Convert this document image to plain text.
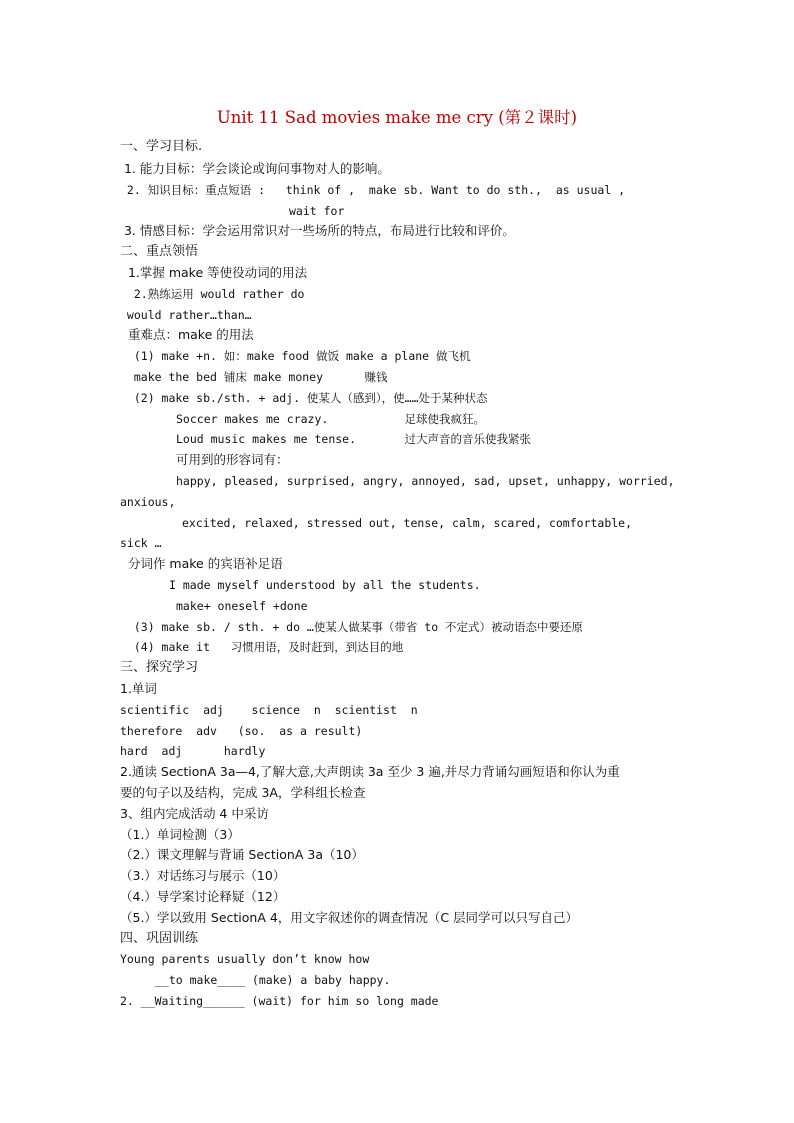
Unit 11 Sad movies make me cry (第２课时)
一、学习目标.
1. 能力目标：学会谈论或询问事物对人的影响。
2. 知识目标：重点短语 :   think of ,  make sb. Want to do sth.,  as usual ,
wait for
3. 情感目标：学会运用常识对一些场所的特点，布局进行比较和评价。
二、重点领悟
1.掌握 make 等使役动词的用法
2.熟练运用 would rather do
would rather…than…
重难点：make 的用法
(1) make +n. 如：make food 做饭 make a plane 做飞机
make the bed 铺床 make money      赚钱
(2) make sb./sth. + adj. 使某人（感到），使……处于某种状态
Soccer makes me crazy.           足球使我疯狂。
Loud music makes me tense.       过大声音的音乐使我紧张
可用到的形容词有：
happy, pleased, surprised, angry, annoyed, sad, upset, unhappy, worried,
anxious,
excited, relaxed, stressed out, tense, calm, scared, comfortable,
sick …
分词作 make 的宾语补足语
I made myself understood by all the students.
make+ oneself +done
(3) make sb. / sth. + do …使某人做某事（带省 to 不定式）被动语态中要还原
(4) make it   习惯用语，及时赶到，到达目的地
三、探究学习
1.单词
scientific  adj    science  n  scientist  n
therefore  adv   (so.  as a result)
hard  adj      hardly
2.通读 SectionA 3a—4,了解大意,大声朗读 3a 至少 3 遍,并尽力背诵勾画短语和你认为重
要的句子以及结构，完成 3A，学科组长检查
3、组内完成活动 4 中采访
（1.）单词检测（3）
（2.）课文理解与背诵 SectionA 3a（10）
（3.）对话练习与展示（10）
（4.）导学案讨论释疑（12）
（5.）学以致用 SectionA 4，用文字叙述你的调查情况（C 层同学可以只写自己）
四、巩固训练
Young parents usually don’t know how
__to make____ (make) a baby happy.
2. __Waiting______ (wait) for him so long made
